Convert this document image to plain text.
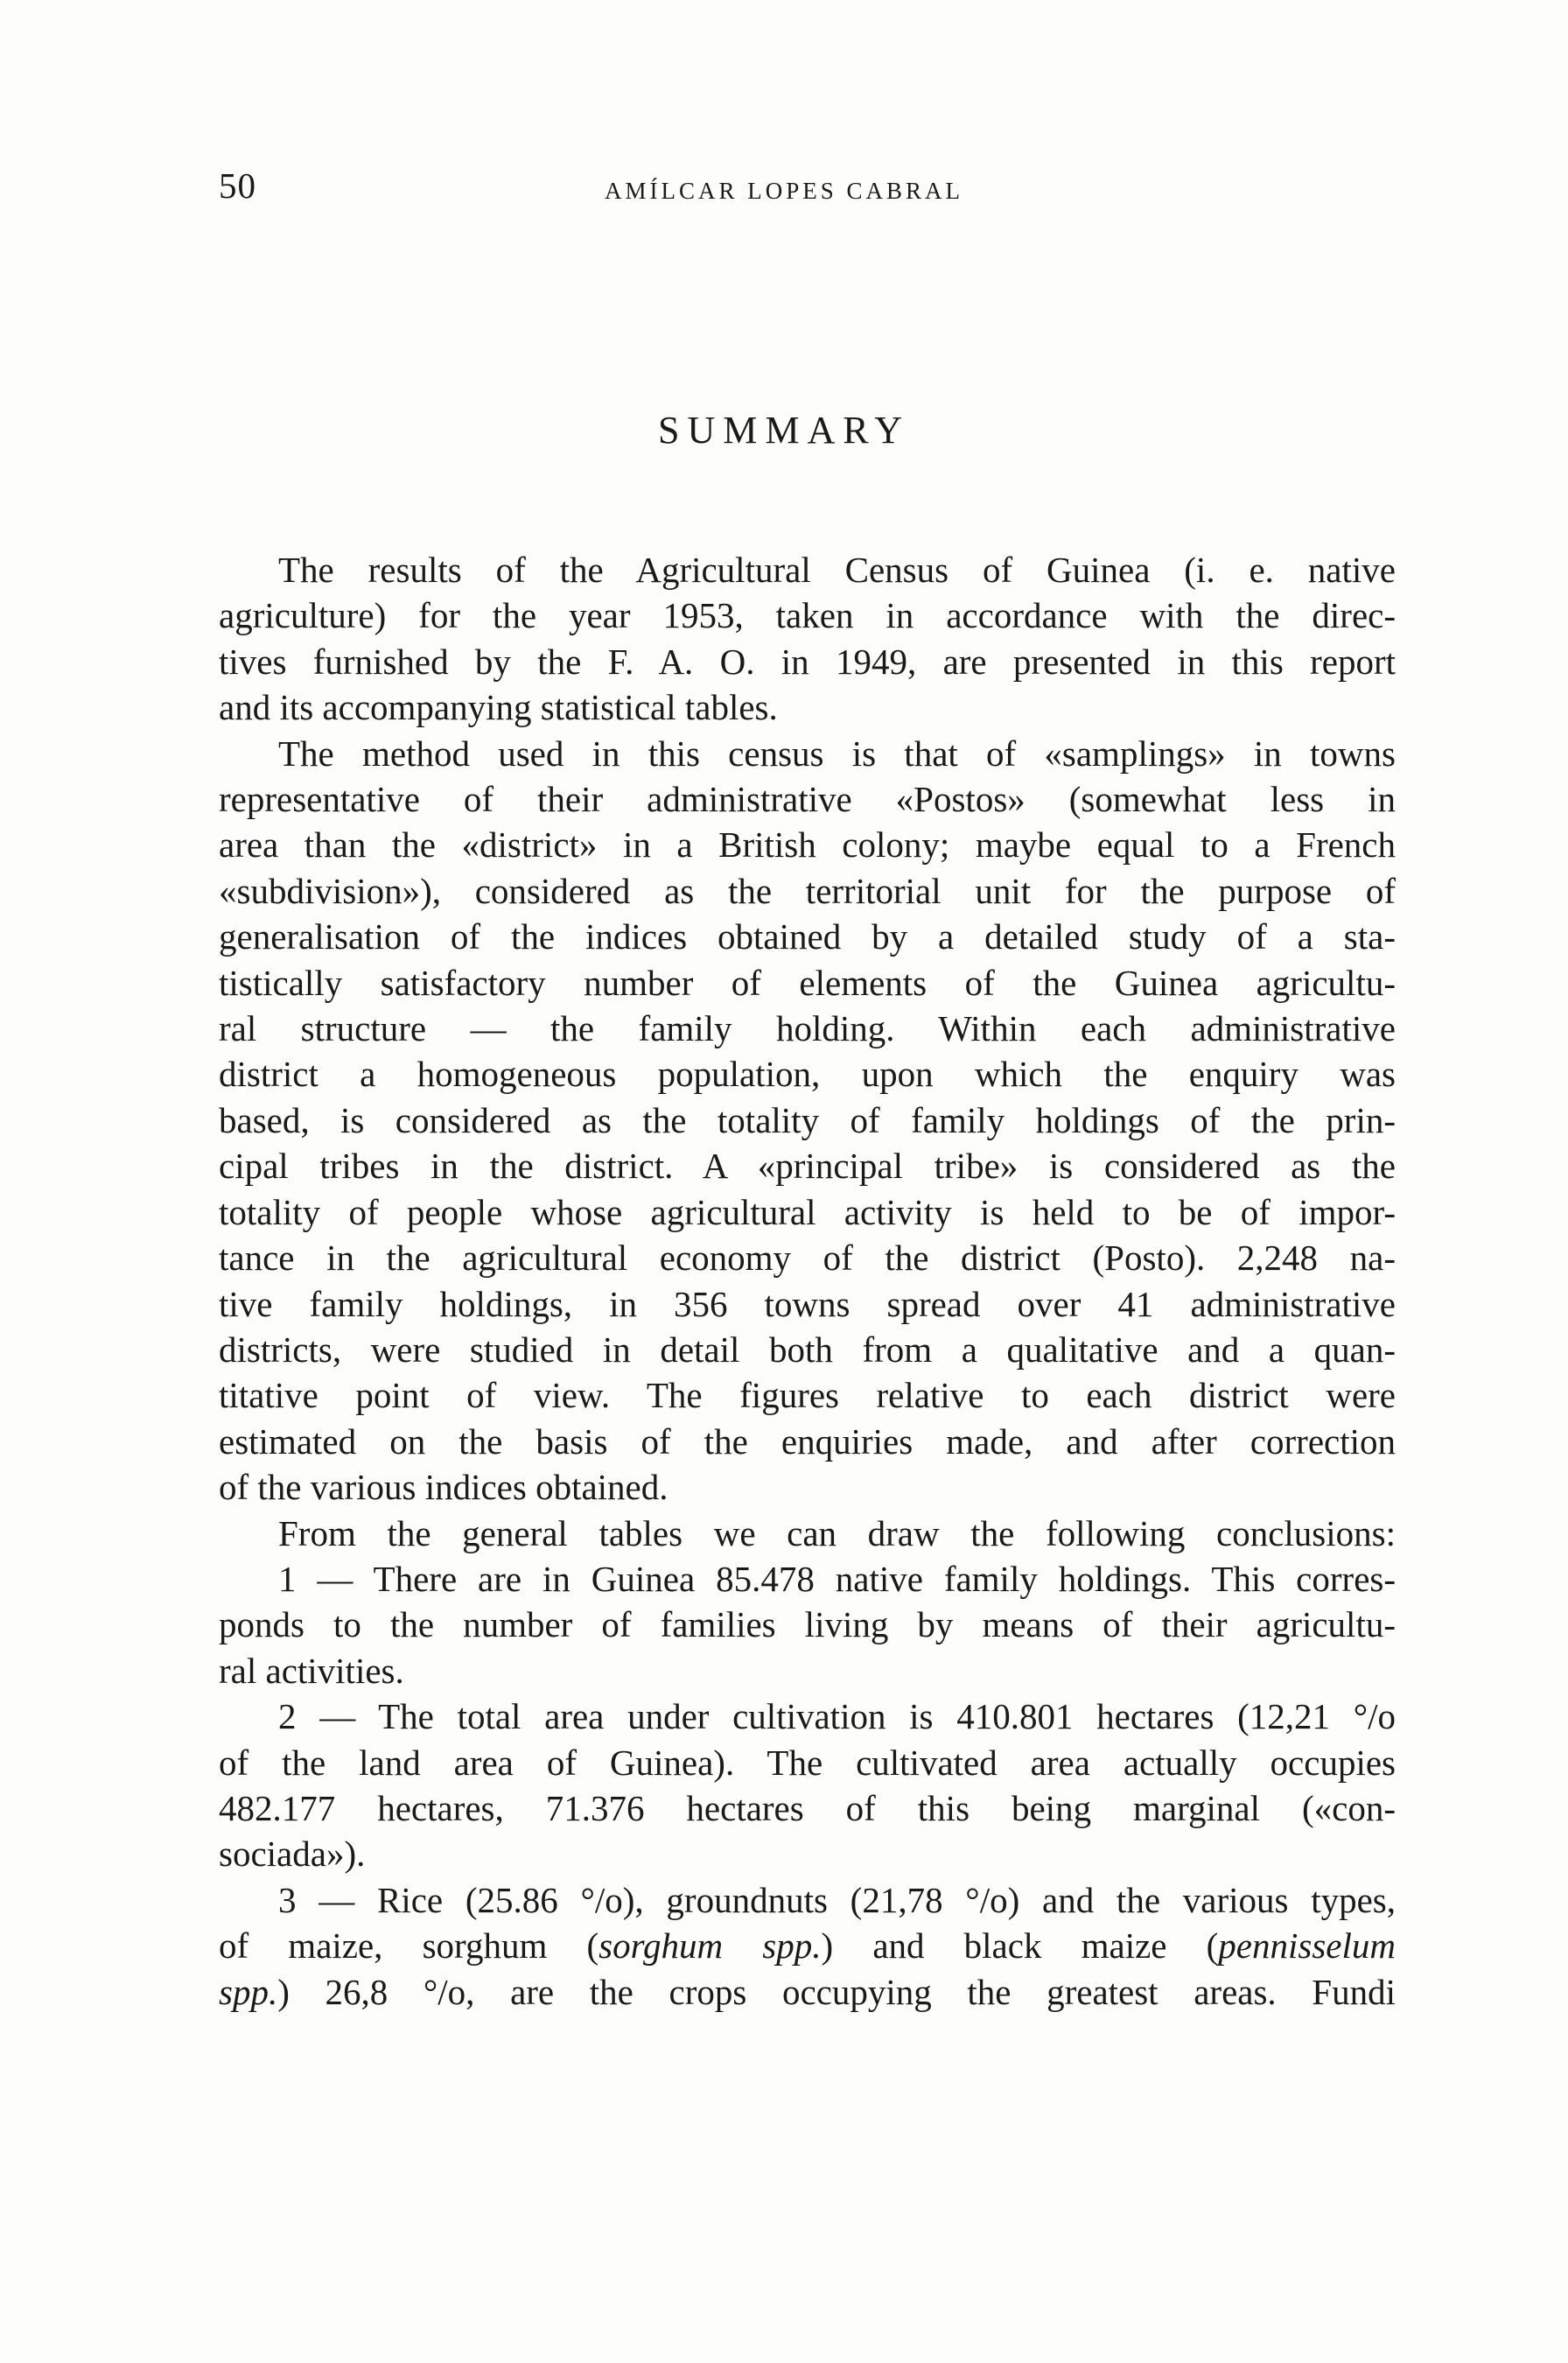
50	AMÍLCAR LOPES CABRAL
SUMMARY

The results of the Agricultural Census of Guinea (i. e. native
agriculture) for the year 1953, taken in accordance with the direc-
tives furnished by the F. A. O. in 1949, are presented in this report
and its accompanying statistical tables.

The method used in this census is that of «samplings» in towns
representative of their administrative «Postos» (somewhat less in
area than the «district» in a British colony; maybe equal to a French
«subdivision»), considered as the territorial unit for the purpose of
generalisation of the indices obtained by a detailed study of a sta-
tistically satisfactory number of elements of the Guinea agricultu-
ral structure — the family holding. Within each administrative
district a homogeneous population, upon which the enquiry was
based, is considered as the totality of family holdings of the prin-
cipal tribes in the district. A «principal tribe» is considered as the
totality of people whose agricultural activity is held to be of impor-
tance in the agricultural economy of the district (Posto). 2,248 na-
tive family holdings, in 356 towns spread over 41 administrative
districts, were studied in detail both from a qualitative and a quan-
titative point of view. The figures relative to each district were
estimated on the basis of the enquiries made, and after correction
of the various indices obtained.

From the general tables we can draw the following conclusions:

1 — There are in Guinea 85.478 native family holdings. This corres-
ponds to the number of families living by means of their agricultu-
ral activities.

2 — The total area under cultivation is 410.801 hectares (12,21 °/o
of the land area of Guinea). The cultivated area actually occupies
482.177 hectares, 71.376 hectares of this being marginal («con-
sociada»).

3 — Rice (25.86 °/o), groundnuts (21,78 °/o) and the various types,
of maize, sorghum (sorghum spp.) and black maize (pennisselum
spp.) 26,8 °/o, are the crops occupying the greatest areas. Fundi
